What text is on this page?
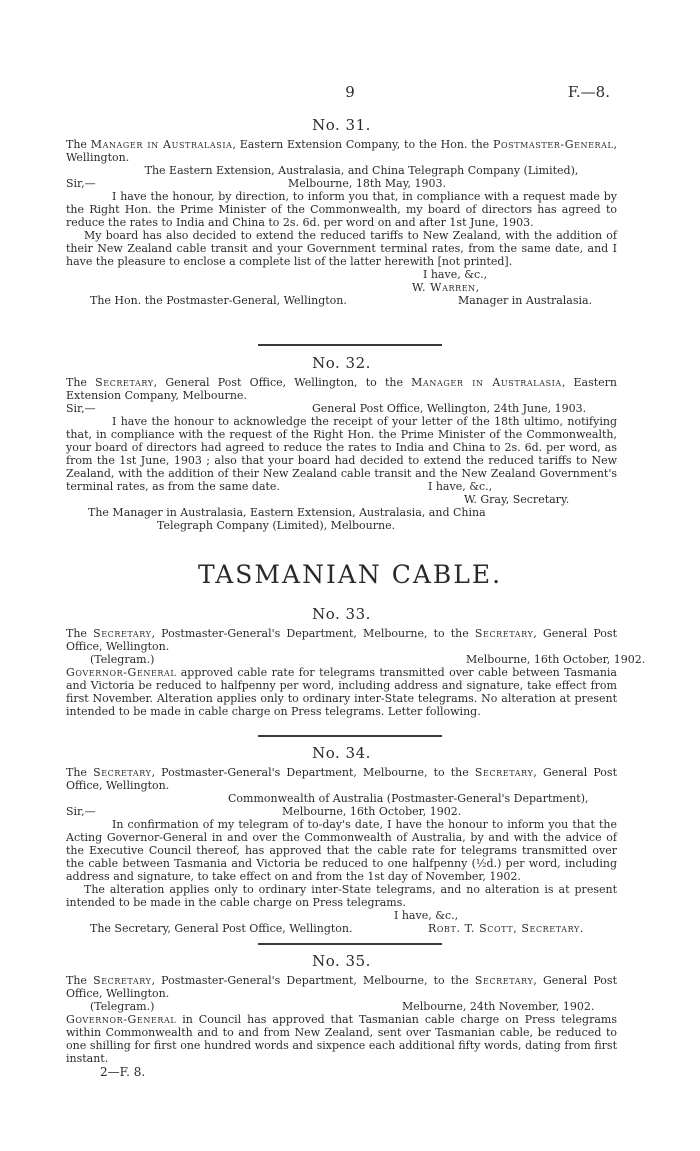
9	F.—8.
No. 31.
The Manager in Australasia, Eastern Extension Company, to the Hon. the Postmaster-General, Wellington.
The Eastern Extension, Australasia, and China Telegraph Company (Limited),
Sir,—	Melbourne, 18th May, 1903.
I have the honour, by direction, to inform you that, in compliance with a request made by the Right Hon. the Prime Minister of the Commonwealth, my board of directors has agreed to reduce the rates to India and China to 2s. 6d. per word on and after 1st June, 1903.
My board has also decided to extend the reduced tariffs to New Zealand, with the addition of their New Zealand cable transit and your Government terminal rates, from the same date, and I have the pleasure to enclose a complete list of the latter herewith [not printed].
I have, &c.,
W. Warren,
The Hon. the Postmaster-General, Wellington.	Manager in Australasia.
No. 32.
The Secretary, General Post Office, Wellington, to the Manager in Australasia, Eastern Extension Company, Melbourne.
Sir,—	General Post Office, Wellington, 24th June, 1903.
I have the honour to acknowledge the receipt of your letter of the 18th ultimo, notifying that, in compliance with the request of the Right Hon. the Prime Minister of the Commonwealth, your board of directors had agreed to reduce the rates to India and China to 2s. 6d. per word, as from the 1st June, 1903 ; also that your board had decided to extend the reduced tariffs to New Zealand, with the addition of their New Zealand cable transit and the New Zealand Government's terminal rates, as from the same date.	I have, &c.,
W. Gray, Secretary.
The Manager in Australasia, Eastern Extension, Australasia, and China
Telegraph Company (Limited), Melbourne.
TASMANIAN CABLE.
No. 33.
The Secretary, Postmaster-General's Department, Melbourne, to the Secretary, General Post Office, Wellington.
(Telegram.)	Melbourne, 16th October, 1902.
Governor-General approved cable rate for telegrams transmitted over cable between Tasmania and Victoria be reduced to halfpenny per word, including address and signature, take effect from first November. Alteration applies only to ordinary inter-State telegrams. No alteration at present intended to be made in cable charge on Press telegrams. Letter following.
No. 34.
The Secretary, Postmaster-General's Department, Melbourne, to the Secretary, General Post Office, Wellington.
Commonwealth of Australia (Postmaster-General's Department),
Sir,—	Melbourne, 16th October, 1902.
In confirmation of my telegram of to-day's date, I have the honour to inform you that the Acting Governor-General in and over the Commonwealth of Australia, by and with the advice of the Executive Council thereof, has approved that the cable rate for telegrams transmitted over the cable between Tasmania and Victoria be reduced to one halfpenny (½d.) per word, including address and signature, to take effect on and from the 1st day of November, 1902.
The alteration applies only to ordinary inter-State telegrams, and no alteration is at present intended to be made in the cable charge on Press telegrams.
I have, &c.,
The Secretary, General Post Office, Wellington.	Robt. T. Scott, Secretary.
No. 35.
The Secretary, Postmaster-General's Department, Melbourne, to the Secretary, General Post Office, Wellington.
(Telegram.)	Melbourne, 24th November, 1902.
Governor-General in Council has approved that Tasmanian cable charge on Press telegrams within Commonwealth and to and from New Zealand, sent over Tasmanian cable, be reduced to one shilling for first one hundred words and sixpence each additional fifty words, dating from first instant.
2—F. 8.
